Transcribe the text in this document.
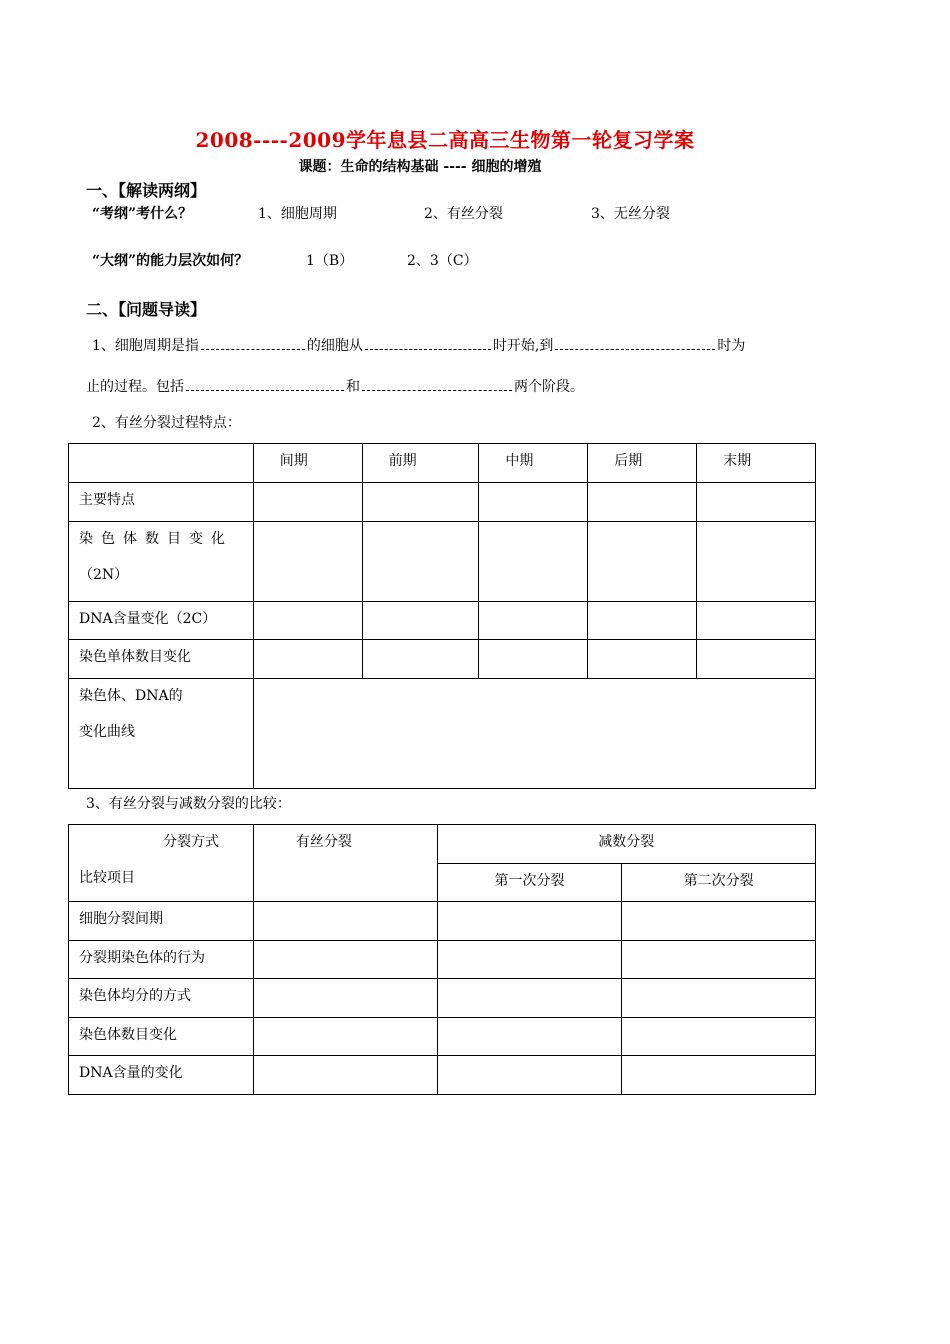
2008----2009学年息县二高高三生物第一轮复习学案
课题：生命的结构基础 ---- 细胞的增殖
一、【解读两纲】
“考纲”考什么？	1、细胞周期	2、有丝分裂	3、无丝分裂
“大纲”的能力层次如何？	1（B）	2、3（C）
二、【问题导读】
1、细胞周期是指	的细胞从	时开始,到	时为
止的过程。包括	和	两个阶段。
2、有丝分裂过程特点：
	间期	前期	中期	后期	末期
主要特点					

染色体数目变化
（2N）					

DNA含量变化（2C）					
染色单体数目变化					

染色体、DNA的
变化曲线					

3、有丝分裂与减数分裂的比较：
分裂方式
比较项目	有丝分裂	减数分裂	
		第一次分裂	第二次分裂
细胞分裂间期			
分裂期染色体的行为			
染色体均分的方式			
染色体数目变化			
DNA含量的变化			
